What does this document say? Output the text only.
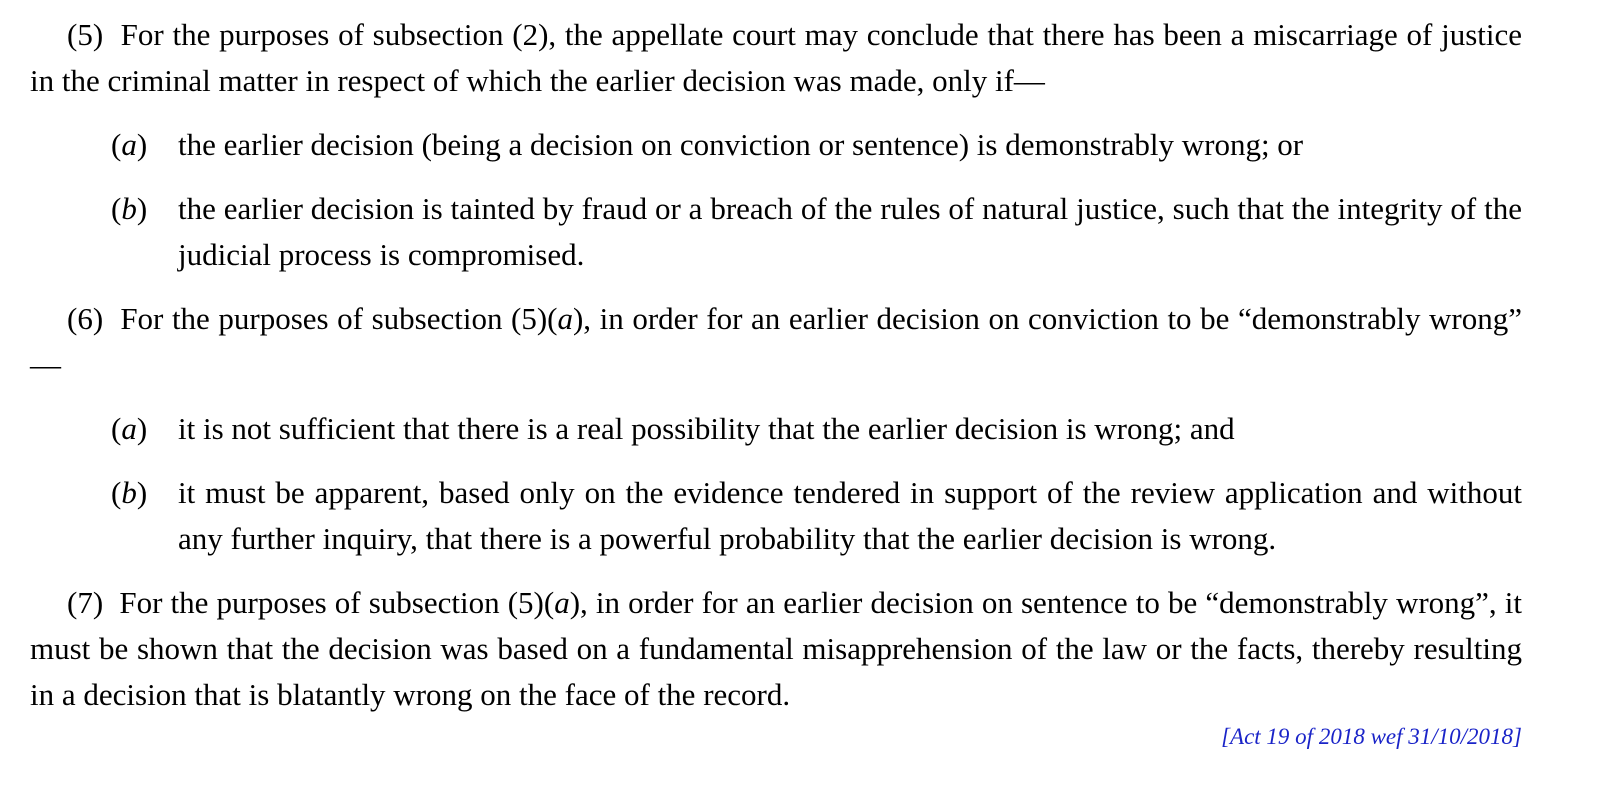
(5) For the purposes of subsection (2), the appellate court may conclude that there has been a miscarriage of justice in the criminal matter in respect of which the earlier decision was made, only if—

(a) the earlier decision (being a decision on conviction or sentence) is demonstrably wrong; or
(b) the earlier decision is tainted by fraud or a breach of the rules of natural justice, such that the integrity of the judicial process is compromised.

(6) For the purposes of subsection (5)(a), in order for an earlier decision on conviction to be “demonstrably wrong” —

(a) it is not sufficient that there is a real possibility that the earlier decision is wrong; and
(b) it must be apparent, based only on the evidence tendered in support of the review application and without any further inquiry, that there is a powerful probability that the earlier decision is wrong.

(7) For the purposes of subsection (5)(a), in order for an earlier decision on sentence to be “demonstrably wrong”, it must be shown that the decision was based on a fundamental misapprehension of the law or the facts, thereby resulting in a decision that is blatantly wrong on the face of the record.

[Act 19 of 2018 wef 31/10/2018]
